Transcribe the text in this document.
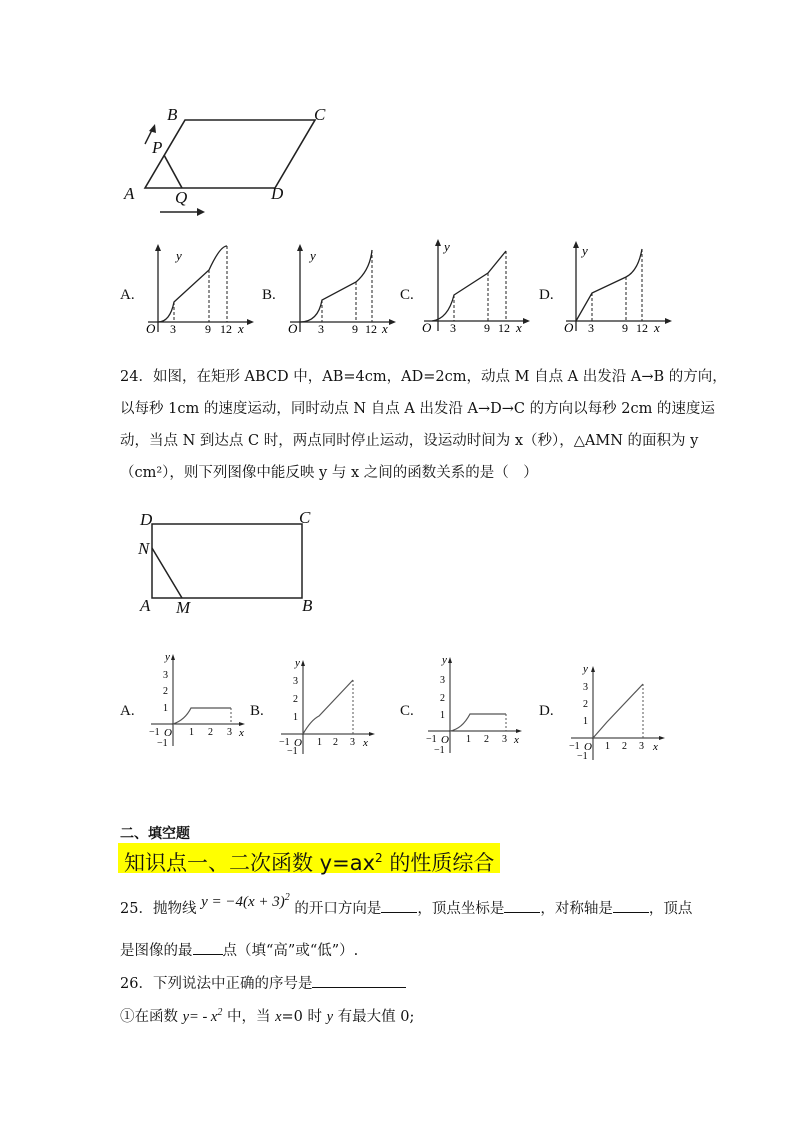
B	C
P
A Q	D
A.
y
O 3 9 12 x
B.
y
O 3 9 12 x
C.
y
O 3 9 12 x
D.
y
O 3 9 12 x
24．如图，在矩形 ABCD 中，AB=4cm，AD=2cm，动点 M 自点 A 出发沿 A→B 的方向，
以每秒 1cm 的速度运动，同时动点 N 自点 A 出发沿 A→D→C 的方向以每秒 2cm 的速度运
动，当点 N 到达点 C 时，两点同时停止运动，设运动时间为 x（秒），△AMN 的面积为 y
（cm²），则下列图像中能反映 y 与 x 之间的函数关系的是（　）
D	C
N
A M	B
A.
y
3
2
1
−1
−1 O 1 2 3 x
B.
y
3
2
1
−1
−1 O 1 2 3 x
C.
y
3
2
1
−1
−1 O 1 2 3 x
D.
y
3
2
1
−1
−1 O 1 2 3 x
二、填空题
知识点一、二次函数 $y=ax^2$ 的性质综合
25．抛物线 $y = -4(x + 3)^2$ 的开口方向是 ，顶点坐标是 ，对称轴是 ，顶点
是图像的最 点（填“高”或“低”）.
26．下列说法中正确的序号是
①在函数 $y= - x^2$ 中，当 x=0 时 y 有最大值 0;
